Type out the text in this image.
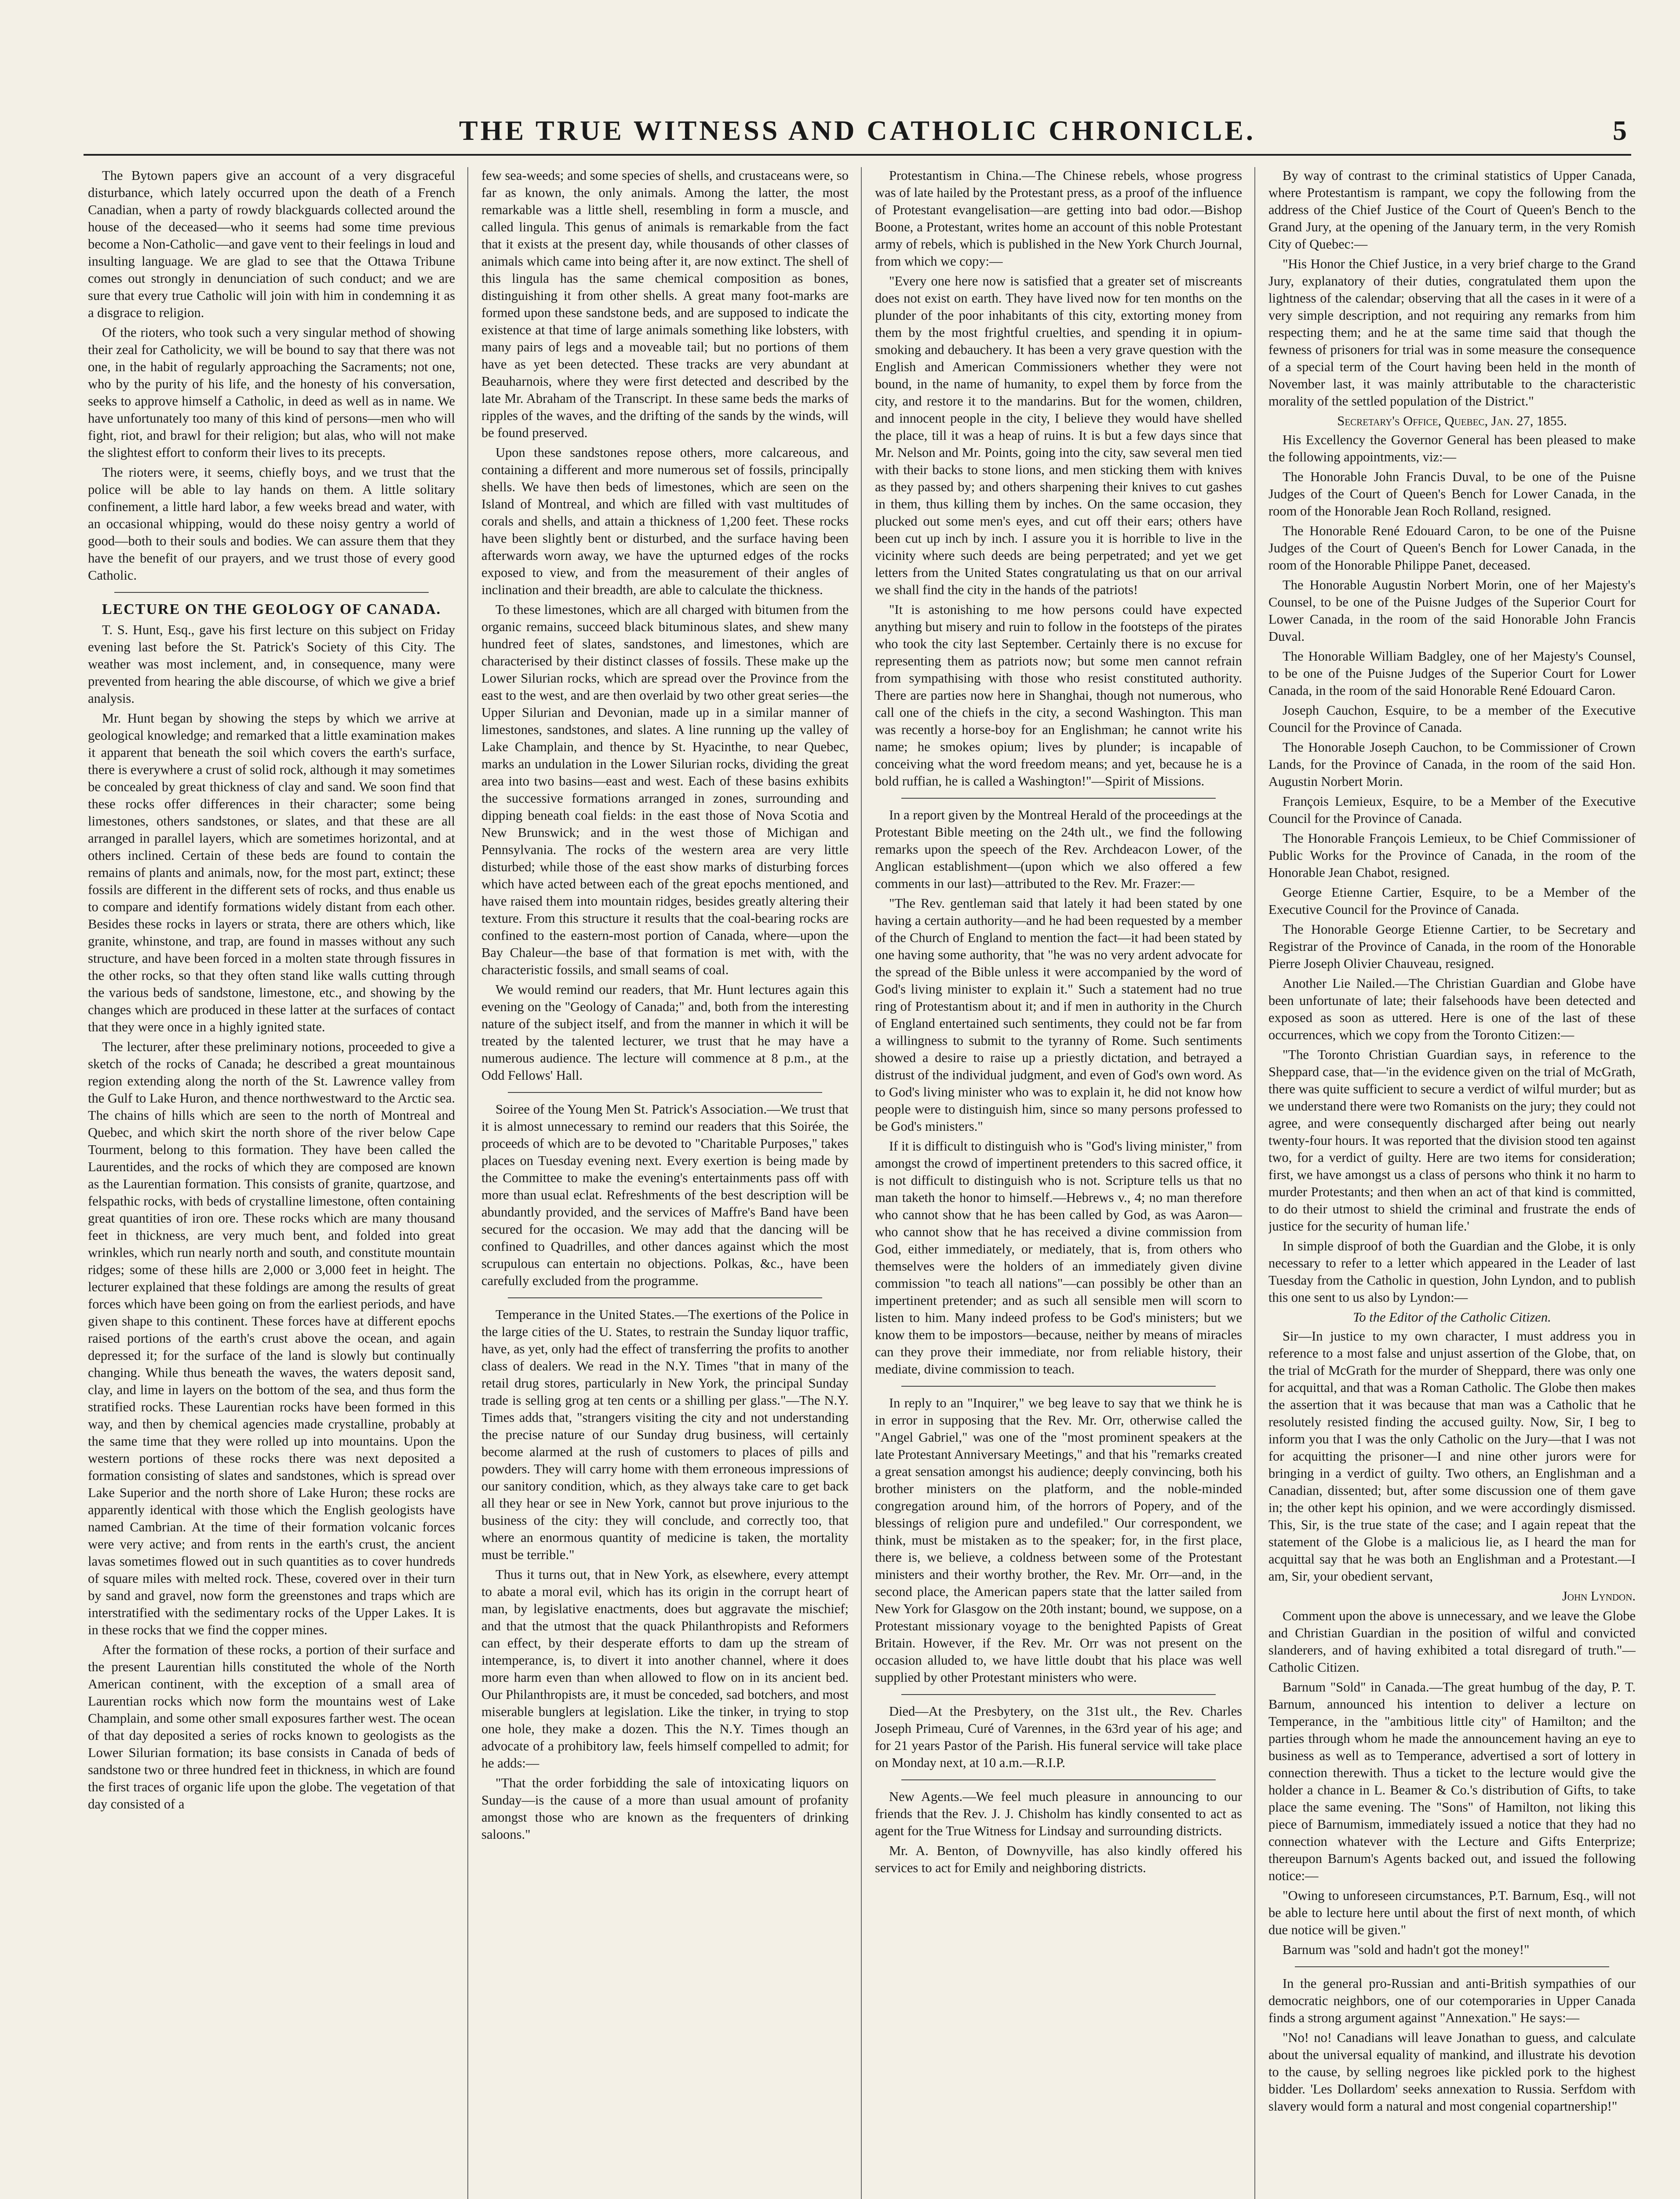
THE TRUE WITNESS AND CATHOLIC CHRONICLE.	5

The Bytown papers give an account of a very disgraceful disturbance, which lately occurred upon the death of a French Canadian, when a party of rowdy blackguards collected around the house of the deceased—who it seems had some time previous become a Non-Catholic—and gave vent to their feelings in loud and insulting language. We are glad to see that the Ottawa Tribune comes out strongly in denunciation of such conduct; and we are sure that every true Catholic will join with him in condemning it as a disgrace to religion.

Of the rioters, who took such a very singular method of showing their zeal for Catholicity, we will be bound to say that there was not one, in the habit of regularly approaching the Sacraments; not one, who by the purity of his life, and the honesty of his conversation, seeks to approve himself a Catholic, in deed as well as in name. We have unfortunately too many of this kind of persons—men who will fight, riot, and brawl for their religion; but alas, who will not make the slightest effort to conform their lives to its precepts.

The rioters were, it seems, chiefly boys, and we trust that the police will be able to lay hands on them. A little solitary confinement, a little hard labor, a few weeks bread and water, with an occasional whipping, would do these noisy gentry a world of good—both to their souls and bodies. We can assure them that they have the benefit of our prayers, and we trust those of every good Catholic.

LECTURE ON THE GEOLOGY OF CANADA.

T. S. Hunt, Esq., gave his first lecture on this subject on Friday evening last before the St. Patrick's Society of this City. The weather was most inclement, and, in consequence, many were prevented from hearing the able discourse, of which we give a brief analysis.

Mr. Hunt began by showing the steps by which we arrive at geological knowledge; and remarked that a little examination makes it apparent that beneath the soil which covers the earth's surface, there is everywhere a crust of solid rock, although it may sometimes be concealed by great thickness of clay and sand. We soon find that these rocks offer differences in their character; some being limestones, others sandstones, or slates, and that these are all arranged in parallel layers, which are sometimes horizontal, and at others inclined. Certain of these beds are found to contain the remains of plants and animals, now, for the most part, extinct; these fossils are different in the different sets of rocks, and thus enable us to compare and identify formations widely distant from each other. Besides these rocks in layers or strata, there are others which, like granite, whinstone, and trap, are found in masses without any such structure, and have been forced in a molten state through fissures in the other rocks, so that they often stand like walls cutting through the various beds of sandstone, limestone, etc., and showing by the changes which are produced in these latter at the surfaces of contact that they were once in a highly ignited state.

The lecturer, after these preliminary notions, proceeded to give a sketch of the rocks of Canada; he described a great mountainous region extending along the north of the St. Lawrence valley from the Gulf to Lake Huron, and thence northwestward to the Arctic sea. The chains of hills which are seen to the north of Montreal and Quebec, and which skirt the north shore of the river below Cape Tourment, belong to this formation. They have been called the Laurentides, and the rocks of which they are composed are known as the Laurentian formation. This consists of granite, quartzose, and felspathic rocks, with beds of crystalline limestone, often containing great quantities of iron ore. These rocks which are many thousand feet in thickness, are very much bent, and folded into great wrinkles, which run nearly north and south, and constitute mountain ridges; some of these hills are 2,000 or 3,000 feet in height. The lecturer explained that these foldings are among the results of great forces which have been going on from the earliest periods, and have given shape to this continent. These forces have at different epochs raised portions of the earth's crust above the ocean, and again depressed it; for the surface of the land is slowly but continually changing. While thus beneath the waves, the waters deposit sand, clay, and lime in layers on the bottom of the sea, and thus form the stratified rocks. These Laurentian rocks have been formed in this way, and then by chemical agencies made crystalline, probably at the same time that they were rolled up into mountains. Upon the western portions of these rocks there was next deposited a formation consisting of slates and sandstones, which is spread over Lake Superior and the north shore of Lake Huron; these rocks are apparently identical with those which the English geologists have named Cambrian. At the time of their formation volcanic forces were very active; and from rents in the earth's crust, the ancient lavas sometimes flowed out in such quantities as to cover hundreds of square miles with melted rock. These, covered over in their turn by sand and gravel, now form the greenstones and traps which are interstratified with the sedimentary rocks of the Upper Lakes. It is in these rocks that we find the copper mines.

After the formation of these rocks, a portion of their surface and the present Laurentian hills constituted the whole of the North American continent, with the exception of a small area of Laurentian rocks which now form the mountains west of Lake Champlain, and some other small exposures farther west. The ocean of that day deposited a series of rocks known to geologists as the Lower Silurian formation; its base consists in Canada of beds of sandstone two or three hundred feet in thickness, in which are found the first traces of organic life upon the globe. The vegetation of that day consisted of a

few sea-weeds; and some species of shells, and crustaceans were, so far as known, the only animals. Among the latter, the most remarkable was a little shell, resembling in form a muscle, and called lingula. This genus of animals is remarkable from the fact that it exists at the present day, while thousands of other classes of animals which came into being after it, are now extinct. The shell of this lingula has the same chemical composition as bones, distinguishing it from other shells. A great many foot-marks are formed upon these sandstone beds, and are supposed to indicate the existence at that time of large animals something like lobsters, with many pairs of legs and a moveable tail; but no portions of them have as yet been detected. These tracks are very abundant at Beauharnois, where they were first detected and described by the late Mr. Abraham of the Transcript. In these same beds the marks of ripples of the waves, and the drifting of the sands by the winds, will be found preserved.

Upon these sandstones repose others, more calcareous, and containing a different and more numerous set of fossils, principally shells. We have then beds of limestones, which are seen on the Island of Montreal, and which are filled with vast multitudes of corals and shells, and attain a thickness of 1,200 feet. These rocks have been slightly bent or disturbed, and the surface having been afterwards worn away, we have the upturned edges of the rocks exposed to view, and from the measurement of their angles of inclination and their breadth, are able to calculate the thickness.

To these limestones, which are all charged with bitumen from the organic remains, succeed black bituminous slates, and shew many hundred feet of slates, sandstones, and limestones, which are characterised by their distinct classes of fossils. These make up the Lower Silurian rocks, which are spread over the Province from the east to the west, and are then overlaid by two other great series—the Upper Silurian and Devonian, made up in a similar manner of limestones, sandstones, and slates. A line running up the valley of Lake Champlain, and thence by St. Hyacinthe, to near Quebec, marks an undulation in the Lower Silurian rocks, dividing the great area into two basins—east and west. Each of these basins exhibits the successive formations arranged in zones, surrounding and dipping beneath coal fields: in the east those of Nova Scotia and New Brunswick; and in the west those of Michigan and Pennsylvania. The rocks of the western area are very little disturbed; while those of the east show marks of disturbing forces which have acted between each of the great epochs mentioned, and have raised them into mountain ridges, besides greatly altering their texture. From this structure it results that the coal-bearing rocks are confined to the eastern-most portion of Canada, where—upon the Bay Chaleur—the base of that formation is met with, with the characteristic fossils, and small seams of coal.

We would remind our readers, that Mr. Hunt lectures again this evening on the "Geology of Canada;" and, both from the interesting nature of the subject itself, and from the manner in which it will be treated by the talented lecturer, we trust that he may have a numerous audience. The lecture will commence at 8 p.m., at the Odd Fellows' Hall.

Soiree of the Young Men St. Patrick's Association.—We trust that it is almost unnecessary to remind our readers that this Soirée, the proceeds of which are to be devoted to "Charitable Purposes," takes places on Tuesday evening next. Every exertion is being made by the Committee to make the evening's entertainments pass off with more than usual eclat. Refreshments of the best description will be abundantly provided, and the services of Maffre's Band have been secured for the occasion. We may add that the dancing will be confined to Quadrilles, and other dances against which the most scrupulous can entertain no objections. Polkas, &c., have been carefully excluded from the programme.

Temperance in the United States.—The exertions of the Police in the large cities of the U. States, to restrain the Sunday liquor traffic, have, as yet, only had the effect of transferring the profits to another class of dealers. We read in the N.Y. Times "that in many of the retail drug stores, particularly in New York, the principal Sunday trade is selling grog at ten cents or a shilling per glass."—The N.Y. Times adds that, "strangers visiting the city and not understanding the precise nature of our Sunday drug business, will certainly become alarmed at the rush of customers to places of pills and powders. They will carry home with them erroneous impressions of our sanitory condition, which, as they always take care to get back all they hear or see in New York, cannot but prove injurious to the business of the city: they will conclude, and correctly too, that where an enormous quantity of medicine is taken, the mortality must be terrible."

Thus it turns out, that in New York, as elsewhere, every attempt to abate a moral evil, which has its origin in the corrupt heart of man, by legislative enactments, does but aggravate the mischief; and that the utmost that the quack Philanthropists and Reformers can effect, by their desperate efforts to dam up the stream of intemperance, is, to divert it into another channel, where it does more harm even than when allowed to flow on in its ancient bed. Our Philanthropists are, it must be conceded, sad botchers, and most miserable bunglers at legislation. Like the tinker, in trying to stop one hole, they make a dozen. This the N.Y. Times though an advocate of a prohibitory law, feels himself compelled to admit; for he adds:—

"That the order forbidding the sale of intoxicating liquors on Sunday—is the cause of a more than usual amount of profanity amongst those who are known as the frequenters of drinking saloons."

Protestantism in China.—The Chinese rebels, whose progress was of late hailed by the Protestant press, as a proof of the influence of Protestant evangelisation—are getting into bad odor.—Bishop Boone, a Protestant, writes home an account of this noble Protestant army of rebels, which is published in the New York Church Journal, from which we copy:—

"Every one here now is satisfied that a greater set of miscreants does not exist on earth. They have lived now for ten months on the plunder of the poor inhabitants of this city, extorting money from them by the most frightful cruelties, and spending it in opium-smoking and debauchery. It has been a very grave question with the English and American Commissioners whether they were not bound, in the name of humanity, to expel them by force from the city, and restore it to the mandarins. But for the women, children, and innocent people in the city, I believe they would have shelled the place, till it was a heap of ruins. It is but a few days since that Mr. Nelson and Mr. Points, going into the city, saw several men tied with their backs to stone lions, and men sticking them with knives as they passed by; and others sharpening their knives to cut gashes in them, thus killing them by inches. On the same occasion, they plucked out some men's eyes, and cut off their ears; others have been cut up inch by inch. I assure you it is horrible to live in the vicinity where such deeds are being perpetrated; and yet we get letters from the United States congratulating us that on our arrival we shall find the city in the hands of the patriots!

"It is astonishing to me how persons could have expected anything but misery and ruin to follow in the footsteps of the pirates who took the city last September. Certainly there is no excuse for representing them as patriots now; but some men cannot refrain from sympathising with those who resist constituted authority. There are parties now here in Shanghai, though not numerous, who call one of the chiefs in the city, a second Washington. This man was recently a horse-boy for an Englishman; he cannot write his name; he smokes opium; lives by plunder; is incapable of conceiving what the word freedom means; and yet, because he is a bold ruffian, he is called a Washington!"—Spirit of Missions.

In a report given by the Montreal Herald of the proceedings at the Protestant Bible meeting on the 24th ult., we find the following remarks upon the speech of the Rev. Archdeacon Lower, of the Anglican establishment—(upon which we also offered a few comments in our last)—attributed to the Rev. Mr. Frazer:—

"The Rev. gentleman said that lately it had been stated by one having a certain authority—and he had been requested by a member of the Church of England to mention the fact—it had been stated by one having some authority, that "he was no very ardent advocate for the spread of the Bible unless it were accompanied by the word of God's living minister to explain it." Such a statement had no true ring of Protestantism about it; and if men in authority in the Church of England entertained such sentiments, they could not be far from a willingness to submit to the tyranny of Rome. Such sentiments showed a desire to raise up a priestly dictation, and betrayed a distrust of the individual judgment, and even of God's own word. As to God's living minister who was to explain it, he did not know how people were to distinguish him, since so many persons professed to be God's ministers."

If it is difficult to distinguish who is "God's living minister," from amongst the crowd of impertinent pretenders to this sacred office, it is not difficult to distinguish who is not. Scripture tells us that no man taketh the honor to himself.—Hebrews v., 4; no man therefore who cannot show that he has been called by God, as was Aaron—who cannot show that he has received a divine commission from God, either immediately, or mediately, that is, from others who themselves were the holders of an immediately given divine commission "to teach all nations"—can possibly be other than an impertinent pretender; and as such all sensible men will scorn to listen to him. Many indeed profess to be God's ministers; but we know them to be impostors—because, neither by means of miracles can they prove their immediate, nor from reliable history, their mediate, divine commission to teach.

In reply to an "Inquirer," we beg leave to say that we think he is in error in supposing that the Rev. Mr. Orr, otherwise called the "Angel Gabriel," was one of the "most prominent speakers at the late Protestant Anniversary Meetings," and that his "remarks created a great sensation amongst his audience; deeply convincing, both his brother ministers on the platform, and the noble-minded congregation around him, of the horrors of Popery, and of the blessings of religion pure and undefiled." Our correspondent, we think, must be mistaken as to the speaker; for, in the first place, there is, we believe, a coldness between some of the Protestant ministers and their worthy brother, the Rev. Mr. Orr—and, in the second place, the American papers state that the latter sailed from New York for Glasgow on the 20th instant; bound, we suppose, on a Protestant missionary voyage to the benighted Papists of Great Britain. However, if the Rev. Mr. Orr was not present on the occasion alluded to, we have little doubt that his place was well supplied by other Protestant ministers who were.

Died—At the Presbytery, on the 31st ult., the Rev. Charles Joseph Primeau, Curé of Varennes, in the 63rd year of his age; and for 21 years Pastor of the Parish. His funeral service will take place on Monday next, at 10 a.m.—R.I.P.

New Agents.—We feel much pleasure in announcing to our friends that the Rev. J. J. Chisholm has kindly consented to act as agent for the True Witness for Lindsay and surrounding districts.

Mr. A. Benton, of Downyville, has also kindly offered his services to act for Emily and neighboring districts.

By way of contrast to the criminal statistics of Upper Canada, where Protestantism is rampant, we copy the following from the address of the Chief Justice of the Court of Queen's Bench to the Grand Jury, at the opening of the January term, in the very Romish City of Quebec:—

"His Honor the Chief Justice, in a very brief charge to the Grand Jury, explanatory of their duties, congratulated them upon the lightness of the calendar; observing that all the cases in it were of a very simple description, and not requiring any remarks from him respecting them; and he at the same time said that though the fewness of prisoners for trial was in some measure the consequence of a special term of the Court having been held in the month of November last, it was mainly attributable to the characteristic morality of the settled population of the District."

Secretary's Office, Quebec, Jan. 27, 1855.

His Excellency the Governor General has been pleased to make the following appointments, viz:—

The Honorable John Francis Duval, to be one of the Puisne Judges of the Court of Queen's Bench for Lower Canada, in the room of the Honorable Jean Roch Rolland, resigned.

The Honorable René Edouard Caron, to be one of the Puisne Judges of the Court of Queen's Bench for Lower Canada, in the room of the Honorable Philippe Panet, deceased.

The Honorable Augustin Norbert Morin, one of her Majesty's Counsel, to be one of the Puisne Judges of the Superior Court for Lower Canada, in the room of the said Honorable John Francis Duval.

The Honorable William Badgley, one of her Majesty's Counsel, to be one of the Puisne Judges of the Superior Court for Lower Canada, in the room of the said Honorable René Edouard Caron.

Joseph Cauchon, Esquire, to be a member of the Executive Council for the Province of Canada.

The Honorable Joseph Cauchon, to be Commissioner of Crown Lands, for the Province of Canada, in the room of the said Hon. Augustin Norbert Morin.

François Lemieux, Esquire, to be a Member of the Executive Council for the Province of Canada.

The Honorable François Lemieux, to be Chief Commissioner of Public Works for the Province of Canada, in the room of the Honorable Jean Chabot, resigned.

George Etienne Cartier, Esquire, to be a Member of the Executive Council for the Province of Canada.

The Honorable George Etienne Cartier, to be Secretary and Registrar of the Province of Canada, in the room of the Honorable Pierre Joseph Olivier Chauveau, resigned.

Another Lie Nailed.—The Christian Guardian and Globe have been unfortunate of late; their falsehoods have been detected and exposed as soon as uttered. Here is one of the last of these occurrences, which we copy from the Toronto Citizen:—

"The Toronto Christian Guardian says, in reference to the Sheppard case, that—'in the evidence given on the trial of McGrath, there was quite sufficient to secure a verdict of wilful murder; but as we understand there were two Romanists on the jury; they could not agree, and were consequently discharged after being out nearly twenty-four hours. It was reported that the division stood ten against two, for a verdict of guilty. Here are two items for consideration; first, we have amongst us a class of persons who think it no harm to murder Protestants; and then when an act of that kind is committed, to do their utmost to shield the criminal and frustrate the ends of justice for the security of human life.'

In simple disproof of both the Guardian and the Globe, it is only necessary to refer to a letter which appeared in the Leader of last Tuesday from the Catholic in question, John Lyndon, and to publish this one sent to us also by Lyndon:—

To the Editor of the Catholic Citizen.

Sir—In justice to my own character, I must address you in reference to a most false and unjust assertion of the Globe, that, on the trial of McGrath for the murder of Sheppard, there was only one for acquittal, and that was a Roman Catholic. The Globe then makes the assertion that it was because that man was a Catholic that he resolutely resisted finding the accused guilty. Now, Sir, I beg to inform you that I was the only Catholic on the Jury—that I was not for acquitting the prisoner—I and nine other jurors were for bringing in a verdict of guilty. Two others, an Englishman and a Canadian, dissented; but, after some discussion one of them gave in; the other kept his opinion, and we were accordingly dismissed. This, Sir, is the true state of the case; and I again repeat that the statement of the Globe is a malicious lie, as I heard the man for acquittal say that he was both an Englishman and a Protestant.—I am, Sir, your obedient servant,

John Lyndon.

Comment upon the above is unnecessary, and we leave the Globe and Christian Guardian in the position of wilful and convicted slanderers, and of having exhibited a total disregard of truth."—Catholic Citizen.

Barnum "Sold" in Canada.—The great humbug of the day, P. T. Barnum, announced his intention to deliver a lecture on Temperance, in the "ambitious little city" of Hamilton; and the parties through whom he made the announcement having an eye to business as well as to Temperance, advertised a sort of lottery in connection therewith. Thus a ticket to the lecture would give the holder a chance in L. Beamer & Co.'s distribution of Gifts, to take place the same evening. The "Sons" of Hamilton, not liking this piece of Barnumism, immediately issued a notice that they had no connection whatever with the Lecture and Gifts Enterprize; thereupon Barnum's Agents backed out, and issued the following notice:—

"Owing to unforeseen circumstances, P.T. Barnum, Esq., will not be able to lecture here until about the first of next month, of which due notice will be given."

Barnum was "sold and hadn't got the money!"

In the general pro-Russian and anti-British sympathies of our democratic neighbors, one of our cotemporaries in Upper Canada finds a strong argument against "Annexation." He says:—

"No! no! Canadians will leave Jonathan to guess, and calculate about the universal equality of mankind, and illustrate his devotion to the cause, by selling negroes like pickled pork to the highest bidder. 'Les Dollardom' seeks annexation to Russia. Serfdom with slavery would form a natural and most congenial copartnership!"
